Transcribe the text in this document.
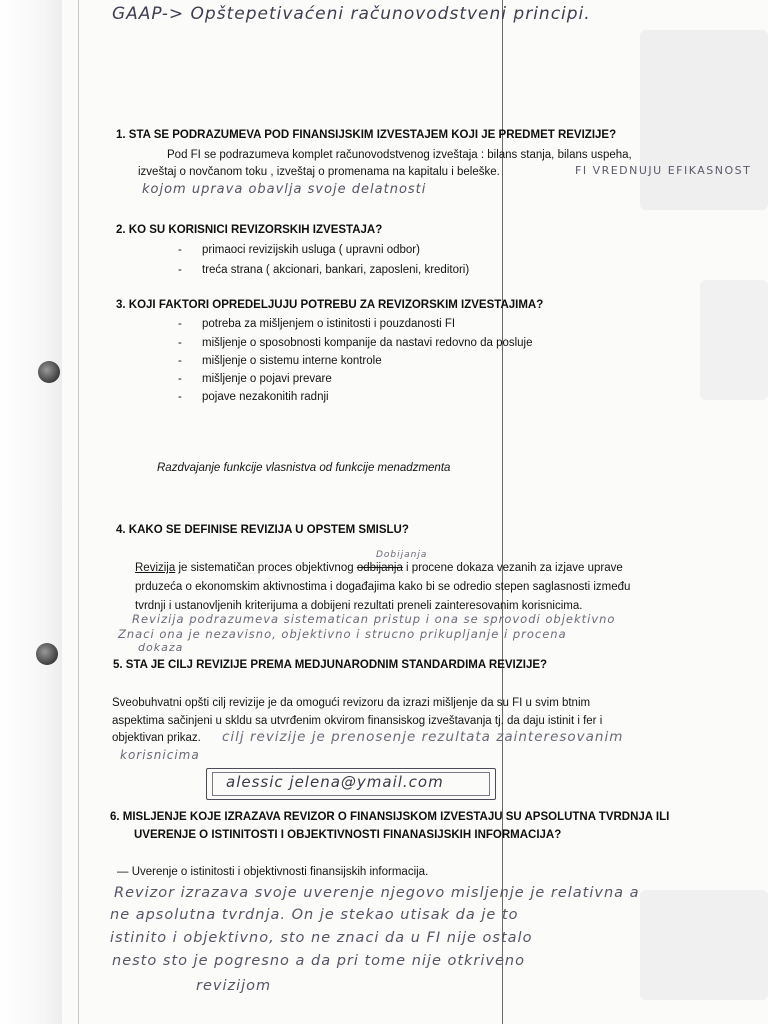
GAAP-> Opštepetivaćeni računovodstveni principi.
1. STA SE PODRAZUMEVA POD FINANSIJSKIM IZVESTAJEM KOJI JE PREDMET REVIZIJE?
Pod FI se podrazumeva komplet računovodstvenog izveštaja : bilans stanja, bilans uspeha,
izveštaj o novčanom toku , izveštaj o promenama na kapitalu i beleške.	FI VREDNUJU EFIKASNOST
kojom uprava obavlja svoje delatnosti
2. KO SU KORISNICI REVIZORSKIH IZVESTAJA?
- primaoci revizijskih usluga ( upravni odbor)
- treća strana ( akcionari, bankari, zaposleni, kreditori)
3. KOJI FAKTORI OPREDELJUJU POTREBU ZA REVIZORSKIM IZVESTAJIMA?
- potreba za mišljenjem o istinitosti i pouzdanosti FI
- mišljenje o sposobnosti kompanije da nastavi redovno da posluje
- mišljenje o sistemu interne kontrole
- mišljenje o pojavi prevare
- pojave nezakonitih radnji
Razdvajanje funkcije vlasnistva od funkcije menadzmenta
4. KAKO SE DEFINISE REVIZIJA U OPSTEM SMISLU?
Dobijanja
Revizija je sistematičan proces objektivnog odbijanja i procene dokaza vezanih za izjave uprave
prduzeća o ekonomskim aktivnostima i događajima kako bi se odredio stepen saglasnosti između
tvrdnji i ustanovljenih kriterijuma a dobijeni rezultati preneli zainteresovanim korisnicima.
Revizija podrazumeva sistematican pristup i ona se sprovodi objektivno
Znaci ona je nezavisno, objektivno i strucno prikupljanje i procena
dokaza
5. STA JE CILJ REVIZIJE PREMA MEDJUNARODNIM STANDARDIMA REVIZIJE?
Sveobuhvatni opšti cilj revizije je da omogući revizoru da izrazi mišljenje da su FI u svim btnim
aspektima sačinjeni u skldu sa utvrđenim okvirom finansiskog izveštavanja tj. da daju istinit i fer i
objektivan prikaz. cilj revizije je prenosenje rezultata zainteresovanim
korisnicima
alessic jelena@ymail.com
6. MISLJENJE KOJE IZRAZAVA REVIZOR O FINANSIJSKOM IZVESTAJU SU APSOLUTNA TVRDNJA ILI
UVERENJE O ISTINITOSTI I OBJEKTIVNOSTI FINANASIJSKIH INFORMACIJA?
— Uverenje o istinitosti i objektivnosti finansijskih informacija.
Revizor izrazava svoje uverenje njegovo misljenje je relativna a
ne apsolutna tvrdnja. On je stekao utisak da je to
istinito i objektivno, sto ne znaci da u FI nije ostalo
nesto sto je pogresno a da pri tome nije otkriveno
revizijom
